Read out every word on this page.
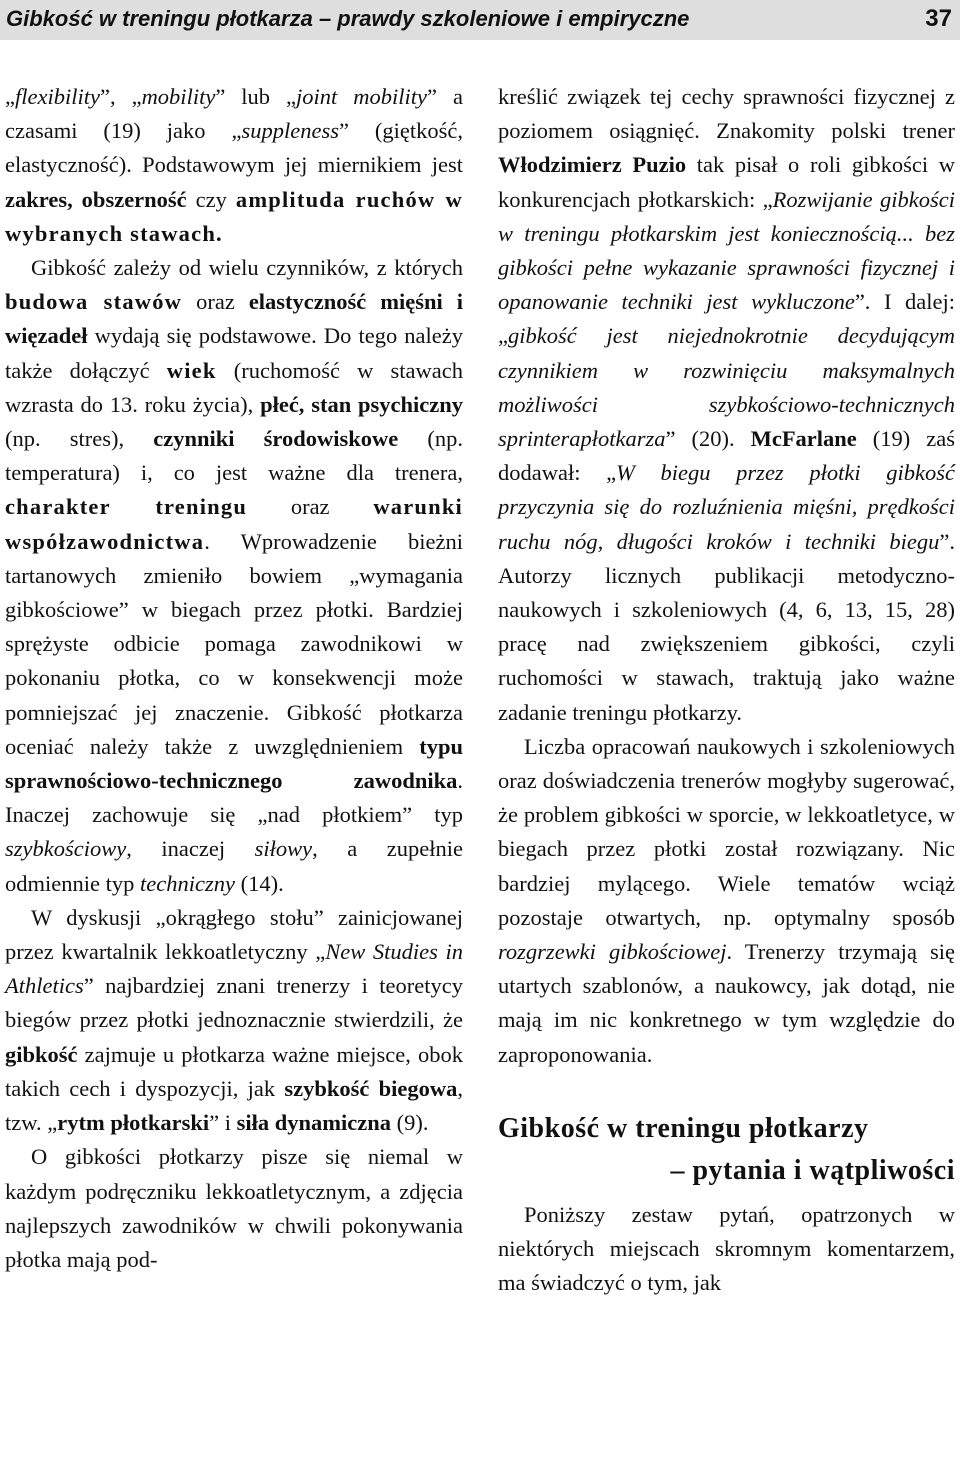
Gibkość w treningu płotkarza – prawdy szkoleniowe i empiryczne	37

„flexibility”, „mobility” lub „joint mobility” a czasami (19) jako „suppleness” (giętkość, elastyczność). Podstawowym jej miernikiem jest zakres, obszerność czy amplituda ruchów w wybranych stawach.

Gibkość zależy od wielu czynników, z których budowa stawów oraz elastyczność mięśni i więzadeł wydają się podstawowe. Do tego należy także dołączyć wiek (ruchomość w stawach wzrasta do 13. roku życia), płeć, stan psychiczny (np. stres), czynniki środowiskowe (np. temperatura) i, co jest ważne dla trenera, charakter treningu oraz warunki współzawodnictwa. Wprowadzenie bieżni tartanowych zmieniło bowiem „wymagania gibkościowe” w biegach przez płotki. Bardziej sprężyste odbicie pomaga zawodnikowi w pokonaniu płotka, co w konsekwencji może pomniejszać jej znaczenie. Gibkość płotkarza oceniać należy także z uwzględnieniem typu sprawnościowo-technicznego zawodnika. Inaczej zachowuje się „nad płotkiem” typ szybkościowy, inaczej siłowy, a zupełnie odmiennie typ techniczny (14).

W dyskusji „okrągłego stołu” zainicjowanej przez kwartalnik lekkoatletyczny „New Studies in Athletics” najbardziej znani trenerzy i teoretycy biegów przez płotki jednoznacznie stwierdzili, że gibkość zajmuje u płotkarza ważne miejsce, obok takich cech i dyspozycji, jak szybkość biegowa, tzw. „rytm płotkarski” i siła dynamiczna (9).

O gibkości płotkarzy pisze się niemal w każdym podręczniku lekkoatletycznym, a zdjęcia najlepszych zawodników w chwili pokonywania płotka mają pod-

kreślić związek tej cechy sprawności fizycznej z poziomem osiągnięć. Znakomity polski trener Włodzimierz Puzio tak pisał o roli gibkości w konkurencjach płotkarskich: „Rozwijanie gibkości w treningu płotkarskim jest koniecznością... bez gibkości pełne wykazanie sprawności fizycznej i opanowanie techniki jest wykluczone”. I dalej: „gibkość jest niejednokrotnie decydującym czynnikiem w rozwinięciu maksymalnych możliwości szybkościowo-technicznych sprinterapłotkarza” (20). McFarlane (19) zaś dodawał: „W biegu przez płotki gibkość przyczynia się do rozluźnienia mięśni, prędkości ruchu nóg, długości kroków i techniki biegu”. Autorzy licznych publikacji metodyczno-naukowych i szkoleniowych (4, 6, 13, 15, 28) pracę nad zwiększeniem gibkości, czyli ruchomości w stawach, traktują jako ważne zadanie treningu płotkarzy.

Liczba opracowań naukowych i szkoleniowych oraz doświadczenia trenerów mogłyby sugerować, że problem gibkości w sporcie, w lekkoatletyce, w biegach przez płotki został rozwiązany. Nic bardziej mylącego. Wiele tematów wciąż pozostaje otwartych, np. optymalny sposób rozgrzewki gibkościowej. Trenerzy trzymają się utartych szablonów, a naukowcy, jak dotąd, nie mają im nic konkretnego w tym względzie do zaproponowania.

Gibkość w treningu płotkarzy
– pytania i wątpliwości

Poniższy zestaw pytań, opatrzonych w niektórych miejscach skromnym komentarzem, ma świadczyć o tym, jak
